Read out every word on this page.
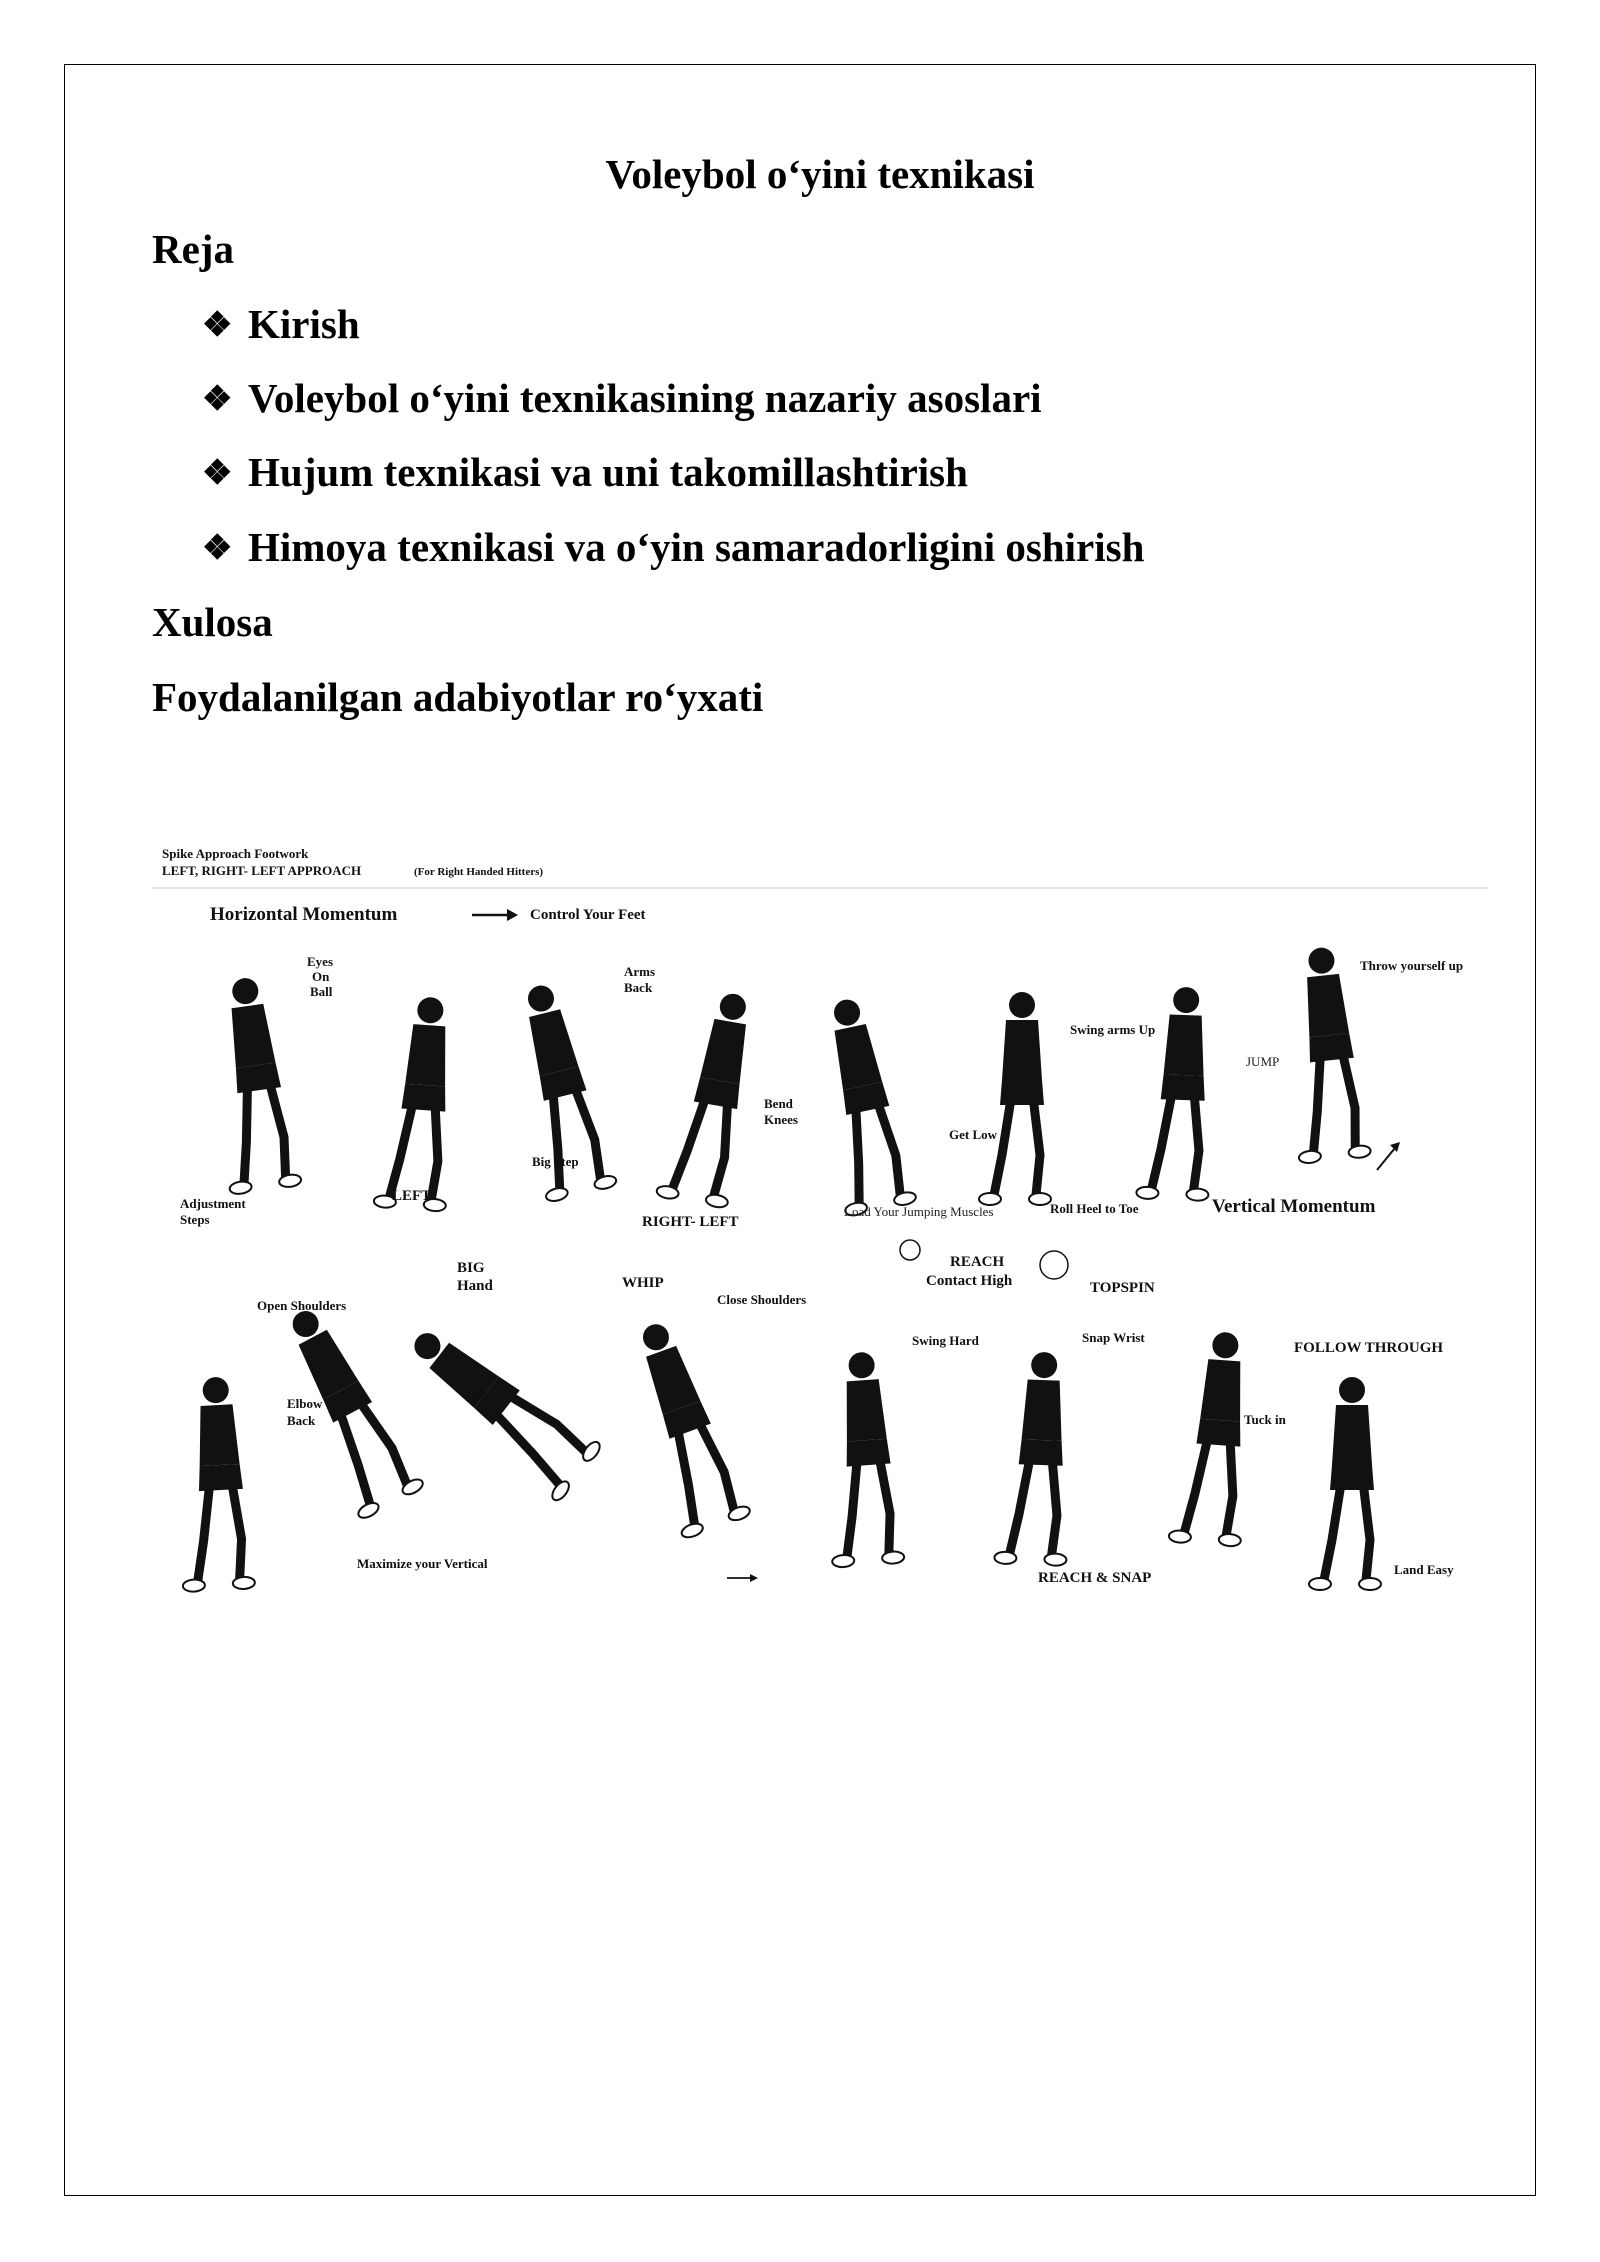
Voleybol o‘yini texnikasi
Reja
❖ Kirish
❖ Voleybol o‘yini texnikasining nazariy asoslari
❖ Hujum texnikasi va uni takomillashtirish
❖ Himoya texnikasi va o‘yin samaradorligini oshirish
Xulosa
Foydalanilgan adabiyotlar ro‘yxati
Spike Approach Footwork
LEFT, RIGHT- LEFT APPROACH	(For Right Handed Hitters)
Horizontal Momentum	Control Your Feet
Eyes
On
Ball
Adjustment
Steps
LEFT
Arms
Back
Big Step
Bend
Knees
RIGHT- LEFT
Get Low
Load Your Jumping Muscles
Swing arms Up
Roll Heel to Toe
JUMP
Throw yourself up
Vertical Momentum
Open Shoulders
Elbow
Back
BIG
Hand
Pike
Maximize your Vertical
WHIP
Close Shoulders
Swing Hard
REACH
Contact High	TOPSPIN
Snap Wrist
REACH & SNAP
FOLLOW THROUGH
Tuck in
Land Easy
